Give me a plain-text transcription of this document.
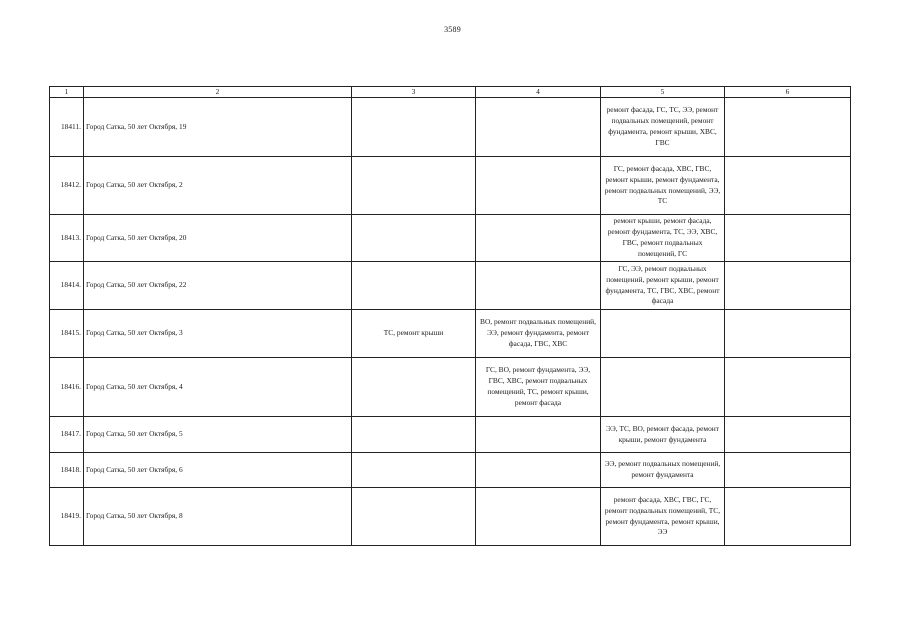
3589
1	2	3	4	5	6
18411.	Город Сатка, 50 лет Октября, 19			ремонт фасада, ГС, ТС, ЭЭ, ремонт подвальных помещений, ремонт фундамента, ремонт крыши, ХВС, ГВС	
18412.	Город Сатка, 50 лет Октября, 2			ГС, ремонт фасада, ХВС, ГВС, ремонт крыши, ремонт фундамента, ремонт подвальных помещений, ЭЭ, ТС	
18413.	Город Сатка, 50 лет Октября, 20			ремонт крыши, ремонт фасада, ремонт фундамента, ТС, ЭЭ, ХВС, ГВС, ремонт подвальных помещений, ГС	
18414.	Город Сатка, 50 лет Октября, 22			ГС, ЭЭ, ремонт подвальных помещений, ремонт крыши, ремонт фундамента, ТС, ГВС, ХВС, ремонт фасада	
18415.	Город Сатка, 50 лет Октября, 3	ТС, ремонт крыши	ВО, ремонт подвальных помещений, ЭЭ, ремонт фундамента, ремонт фасада, ГВС, ХВС		
18416.	Город Сатка, 50 лет Октября, 4		ГС, ВО, ремонт фундамента, ЭЭ, ГВС, ХВС, ремонт подвальных помещений, ТС, ремонт крыши, ремонт фасада		
18417.	Город Сатка, 50 лет Октября, 5			ЭЭ, ТС, ВО, ремонт фасада, ремонт крыши, ремонт фундамента	
18418.	Город Сатка, 50 лет Октября, 6			ЭЭ, ремонт подвальных помещений, ремонт фундамента	
18419.	Город Сатка, 50 лет Октября, 8			ремонт фасада, ХВС, ГВС, ГС, ремонт подвальных помещений, ТС, ремонт фундамента, ремонт крыши, ЭЭ	
